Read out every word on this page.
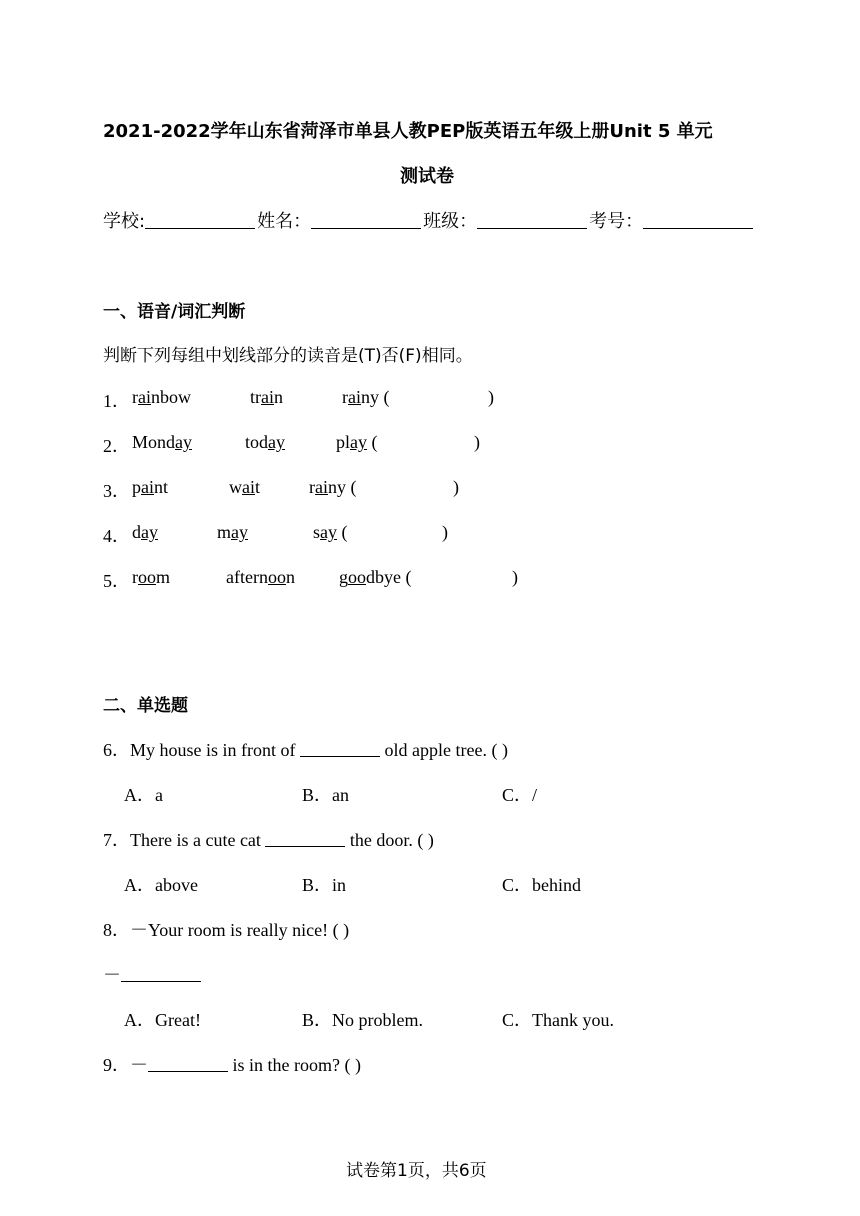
2021-2022学年山东省菏泽市单县人教PEP版英语五年级上册Unit 5 单元
测试卷
学校:	姓名：	班级：	考号：
一、语音/词汇判断
判断下列每组中划线部分的读音是(T)否(F)相同。
1． rainbow	train	rainy (	)
2． Monday	today	play (	)
3． paint	wait	rainy (	)
4． day	may	say (	)
5． room	afternoon goodbye (	)
二、单选题
6．My house is in front of	old apple tree. ( )
A．a	B．an	C．/
7．There is a cute cat	the door. ( )
A．above	B．in	C．behind
8．－Your room is really nice! ( )
－
A．Great!	B．No problem.	C．Thank you.
9．－	is in the room? ( )
试卷第1页，共6页
